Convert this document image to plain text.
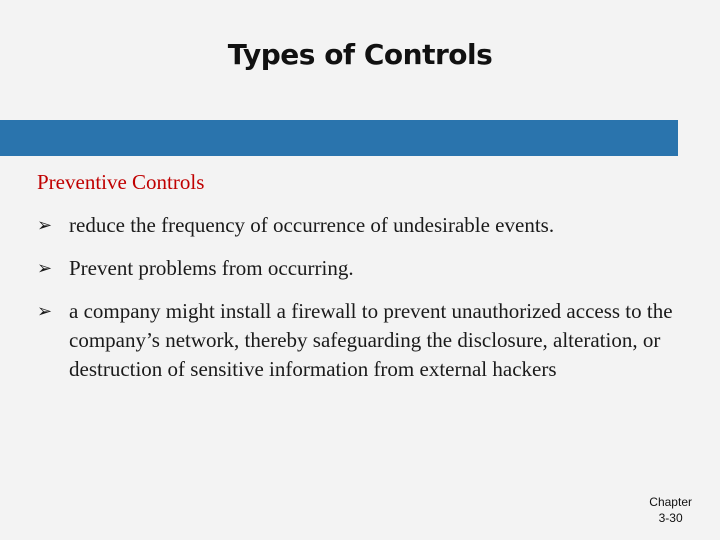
Types of Controls
Preventive Controls
➢ reduce the frequency of occurrence of undesirable events.
➢ Prevent problems from occurring.
➢ a company might install a firewall to prevent unauthorized access to the company’s network, thereby safeguarding the disclosure, alteration, or destruction of sensitive information from external hackers
Chapter
3-30
